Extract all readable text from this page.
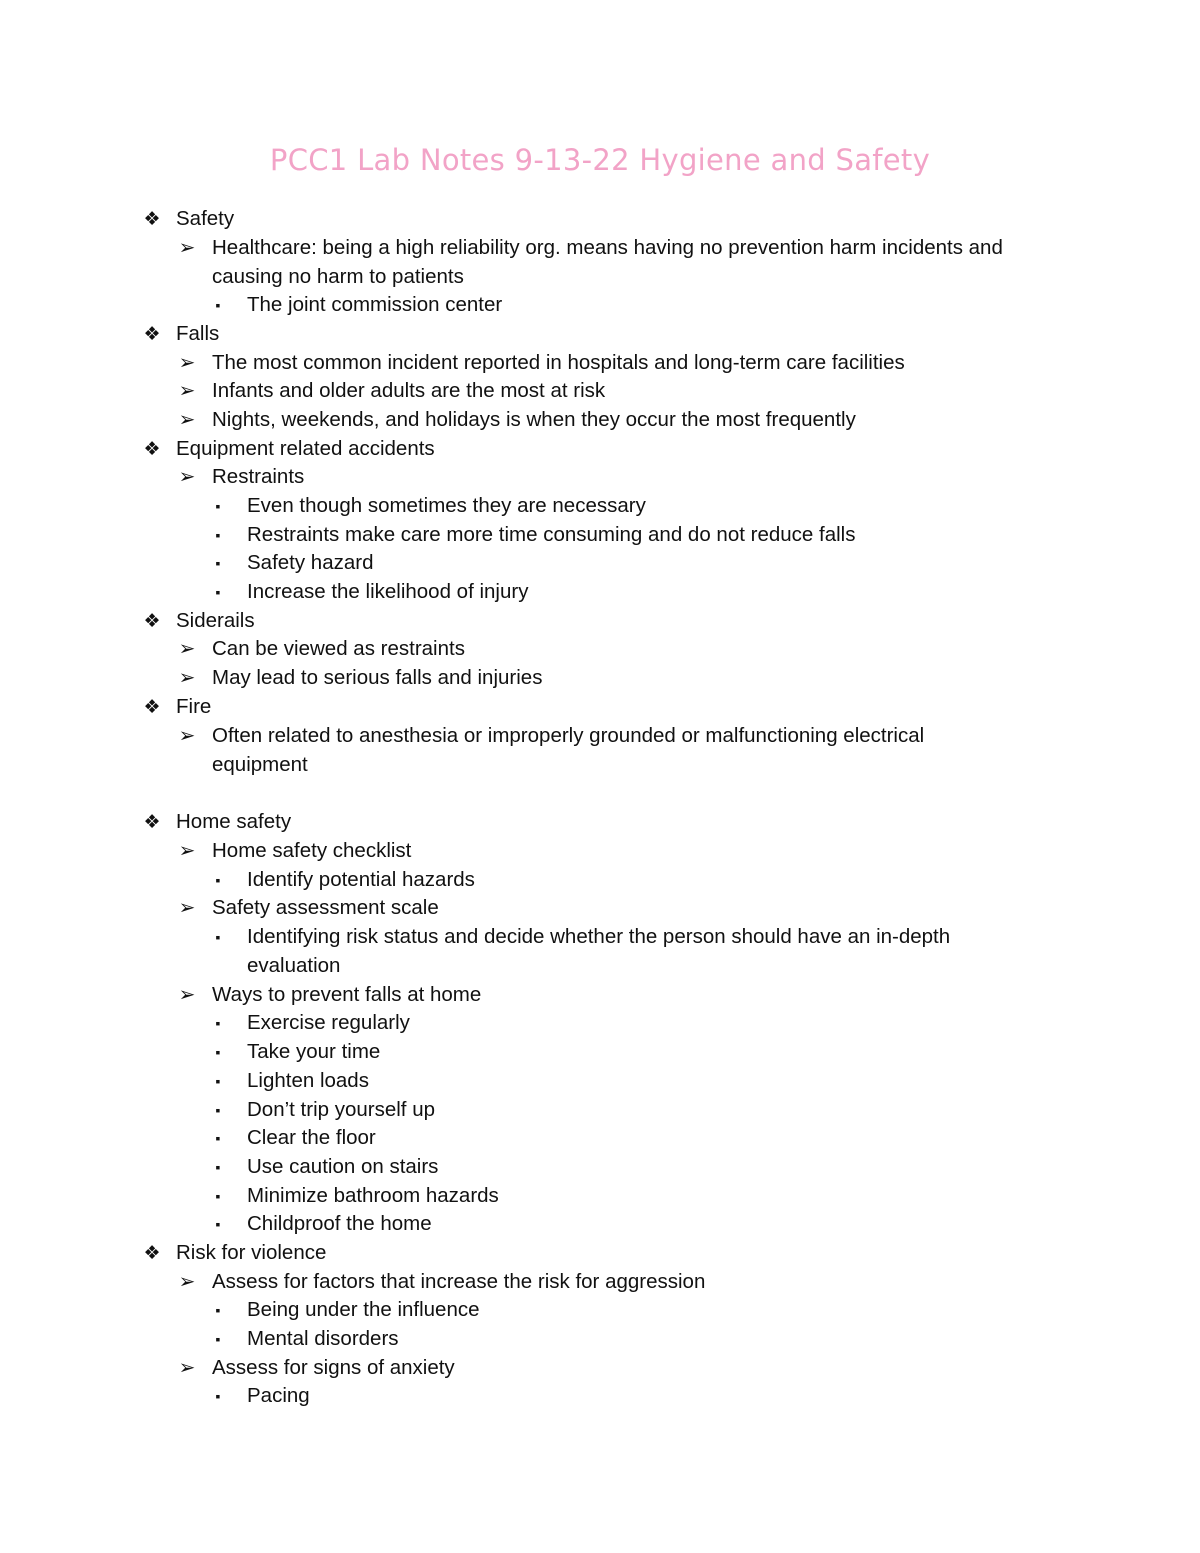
PCC1 Lab Notes 9-13-22 Hygiene and Safety
❖ Safety
➢ Healthcare: being a high reliability org. means having no prevention harm incidents and
causing no harm to patients
▪ The joint commission center
❖ Falls
➢ The most common incident reported in hospitals and long-term care facilities
➢ Infants and older adults are the most at risk
➢ Nights, weekends, and holidays is when they occur the most frequently
❖ Equipment related accidents
➢ Restraints
▪ Even though sometimes they are necessary
▪ Restraints make care more time consuming and do not reduce falls
▪ Safety hazard
▪ Increase the likelihood of injury
❖ Siderails
➢ Can be viewed as restraints
➢ May lead to serious falls and injuries
❖ Fire
➢ Often related to anesthesia or improperly grounded or malfunctioning electrical
equipment
❖ Home safety
➢ Home safety checklist
▪ Identify potential hazards
➢ Safety assessment scale
▪ Identifying risk status and decide whether the person should have an in-depth
evaluation
➢ Ways to prevent falls at home
▪ Exercise regularly
▪ Take your time
▪ Lighten loads
▪ Don’t trip yourself up
▪ Clear the floor
▪ Use caution on stairs
▪ Minimize bathroom hazards
▪ Childproof the home
❖ Risk for violence
➢ Assess for factors that increase the risk for aggression
▪ Being under the influence
▪ Mental disorders
➢ Assess for signs of anxiety
▪ Pacing
